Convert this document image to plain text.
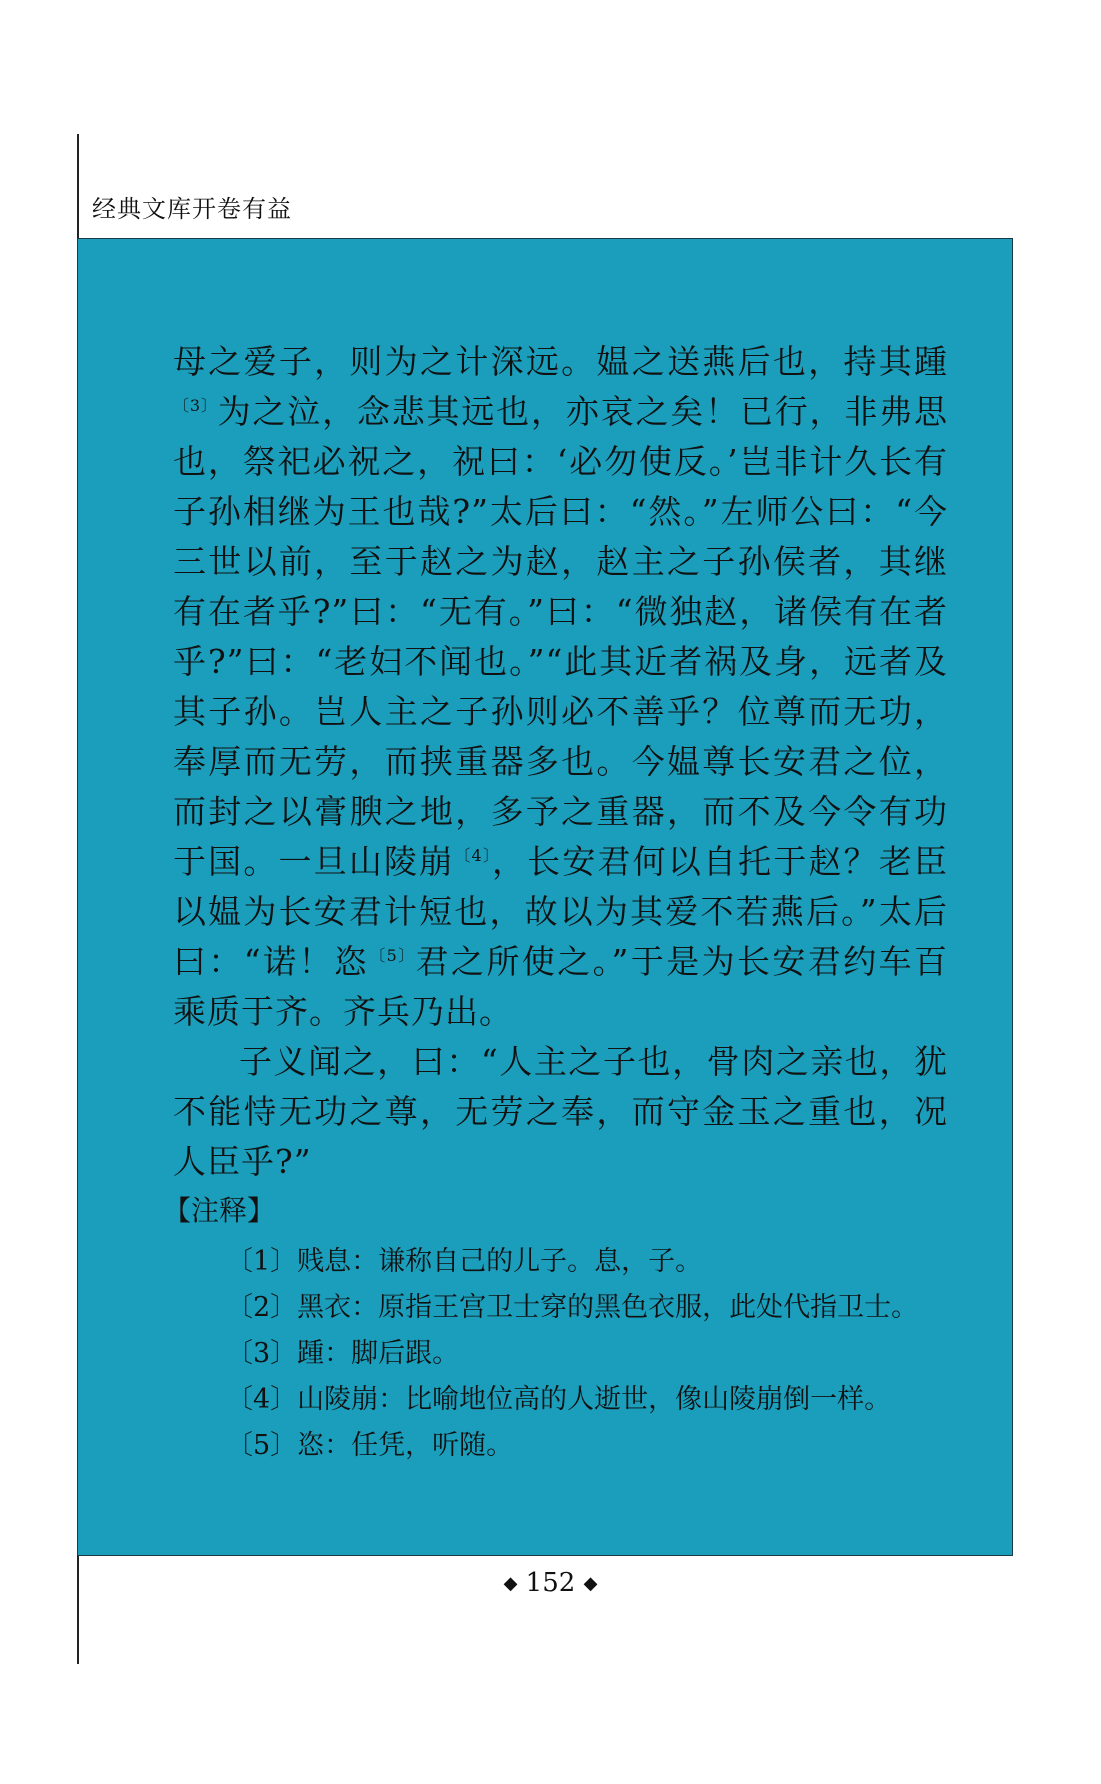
经典文库开卷有益

母之爱子，则为之计深远。媪之送燕后也，持其踵$^{〔3〕}$为之泣，念悲其远也，亦哀之矣！已行，非弗思也，祭祀必祝之，祝曰：‘必勿使反。’岂非计久长有子孙相继为王也哉?”太后曰：“然。”左师公曰：“今三世以前，至于赵之为赵，赵主之子孙侯者，其继有在者乎?”曰：“无有。”曰：“微独赵，诸侯有在者乎?”曰：“老妇不闻也。”“此其近者祸及身，远者及其子孙。岂人主之子孙则必不善乎？位尊而无功，奉厚而无劳，而挟重器多也。今媪尊长安君之位，而封之以膏腴之地，多予之重器，而不及今令有功于国。一旦山陵崩$^{〔4〕}$，长安君何以自托于赵？老臣以媪为长安君计短也，故以为其爱不若燕后。”太后曰：“诺！恣$^{〔5〕}$君之所使之。”于是为长安君约车百乘质于齐。齐兵乃出。

子义闻之，曰：“人主之子也，骨肉之亲也，犹不能恃无功之尊，无劳之奉，而守金玉之重也，况人臣乎?”

【注释】
〔1〕贱息：谦称自己的儿子。息，子。
〔2〕黑衣：原指王宫卫士穿的黑色衣服，此处代指卫士。
〔3〕踵：脚后跟。
〔4〕山陵崩：比喻地位高的人逝世，像山陵崩倒一样。
〔5〕恣：任凭，听随。
◆ 152 ◆
